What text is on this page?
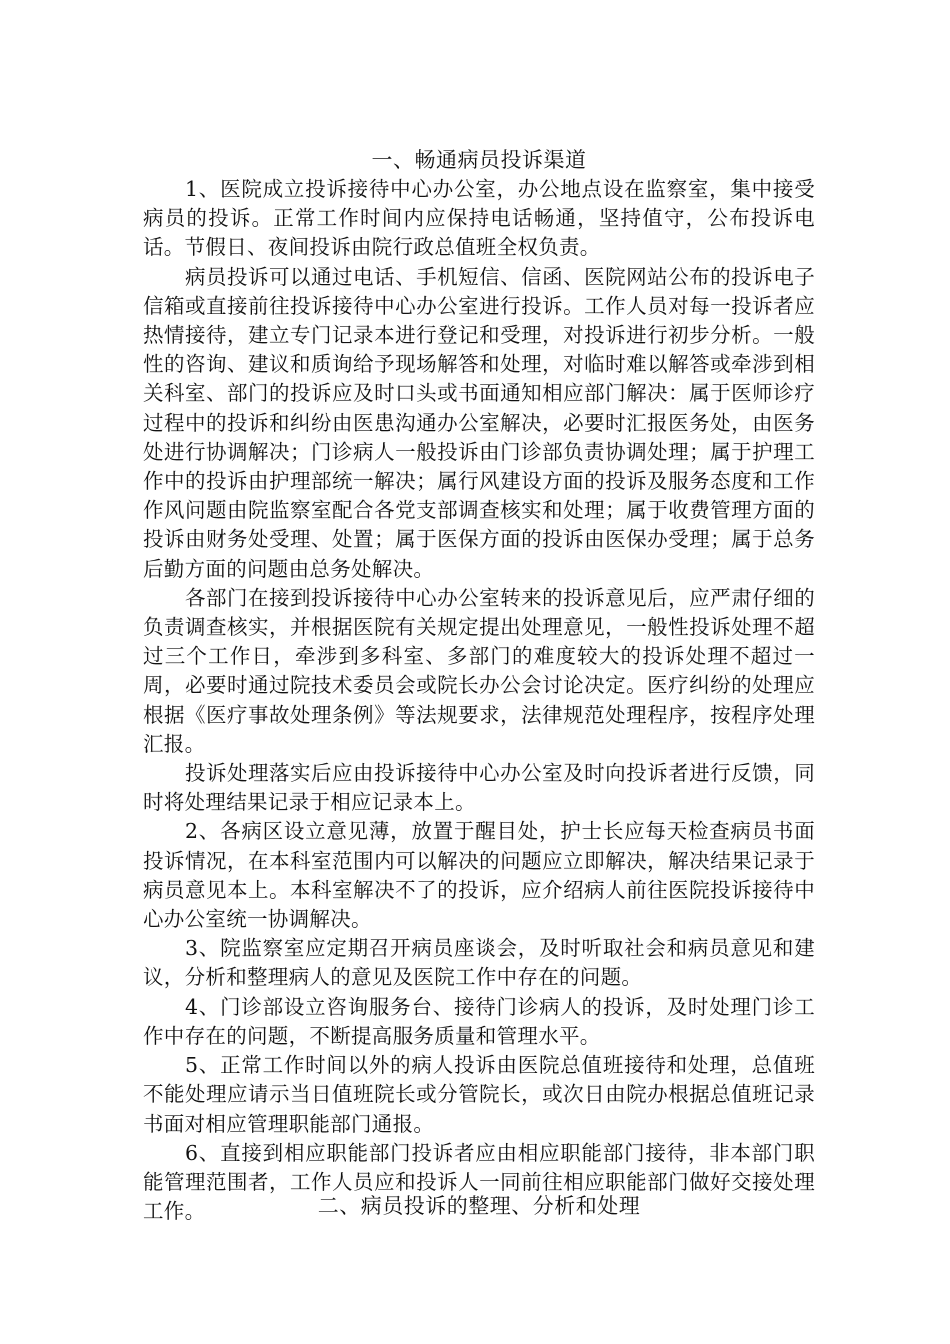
一、畅通病员投诉渠道

1、医院成立投诉接待中心办公室，办公地点设在监察室，集中接受病员的投诉。正常工作时间内应保持电话畅通，坚持值守，公布投诉电话。节假日、夜间投诉由院行政总值班全权负责。

病员投诉可以通过电话、手机短信、信函、医院网站公布的投诉电子信箱或直接前往投诉接待中心办公室进行投诉。工作人员对每一投诉者应热情接待，建立专门记录本进行登记和受理，对投诉进行初步分析。一般性的咨询、建议和质询给予现场解答和处理，对临时难以解答或牵涉到相关科室、部门的投诉应及时口头或书面通知相应部门解决：属于医师诊疗过程中的投诉和纠纷由医患沟通办公室解决，必要时汇报医务处，由医务处进行协调解决；门诊病人一般投诉由门诊部负责协调处理；属于护理工作中的投诉由护理部统一解决；属行风建设方面的投诉及服务态度和工作作风问题由院监察室配合各党支部调查核实和处理；属于收费管理方面的投诉由财务处受理、处置；属于医保方面的投诉由医保办受理；属于总务后勤方面的问题由总务处解决。

各部门在接到投诉接待中心办公室转来的投诉意见后，应严肃仔细的负责调查核实，并根据医院有关规定提出处理意见，一般性投诉处理不超过三个工作日，牵涉到多科室、多部门的难度较大的投诉处理不超过一周，必要时通过院技术委员会或院长办公会讨论决定。医疗纠纷的处理应根据《医疗事故处理条例》等法规要求，法律规范处理程序，按程序处理汇报。

投诉处理落实后应由投诉接待中心办公室及时向投诉者进行反馈，同时将处理结果记录于相应记录本上。

2、各病区设立意见薄，放置于醒目处，护士长应每天检查病员书面投诉情况，在本科室范围内可以解决的问题应立即解决，解决结果记录于病员意见本上。本科室解决不了的投诉，应介绍病人前往医院投诉接待中心办公室统一协调解决。

3、院监察室应定期召开病员座谈会，及时听取社会和病员意见和建议，分析和整理病人的意见及医院工作中存在的问题。

4、门诊部设立咨询服务台、接待门诊病人的投诉，及时处理门诊工作中存在的问题，不断提高服务质量和管理水平。

5、正常工作时间以外的病人投诉由医院总值班接待和处理，总值班不能处理应请示当日值班院长或分管院长，或次日由院办根据总值班记录书面对相应管理职能部门通报。

6、直接到相应职能部门投诉者应由相应职能部门接待，非本部门职能管理范围者，工作人员应和投诉人一同前往相应职能部门做好交接处理工作。	二、病员投诉的整理、分析和处理
